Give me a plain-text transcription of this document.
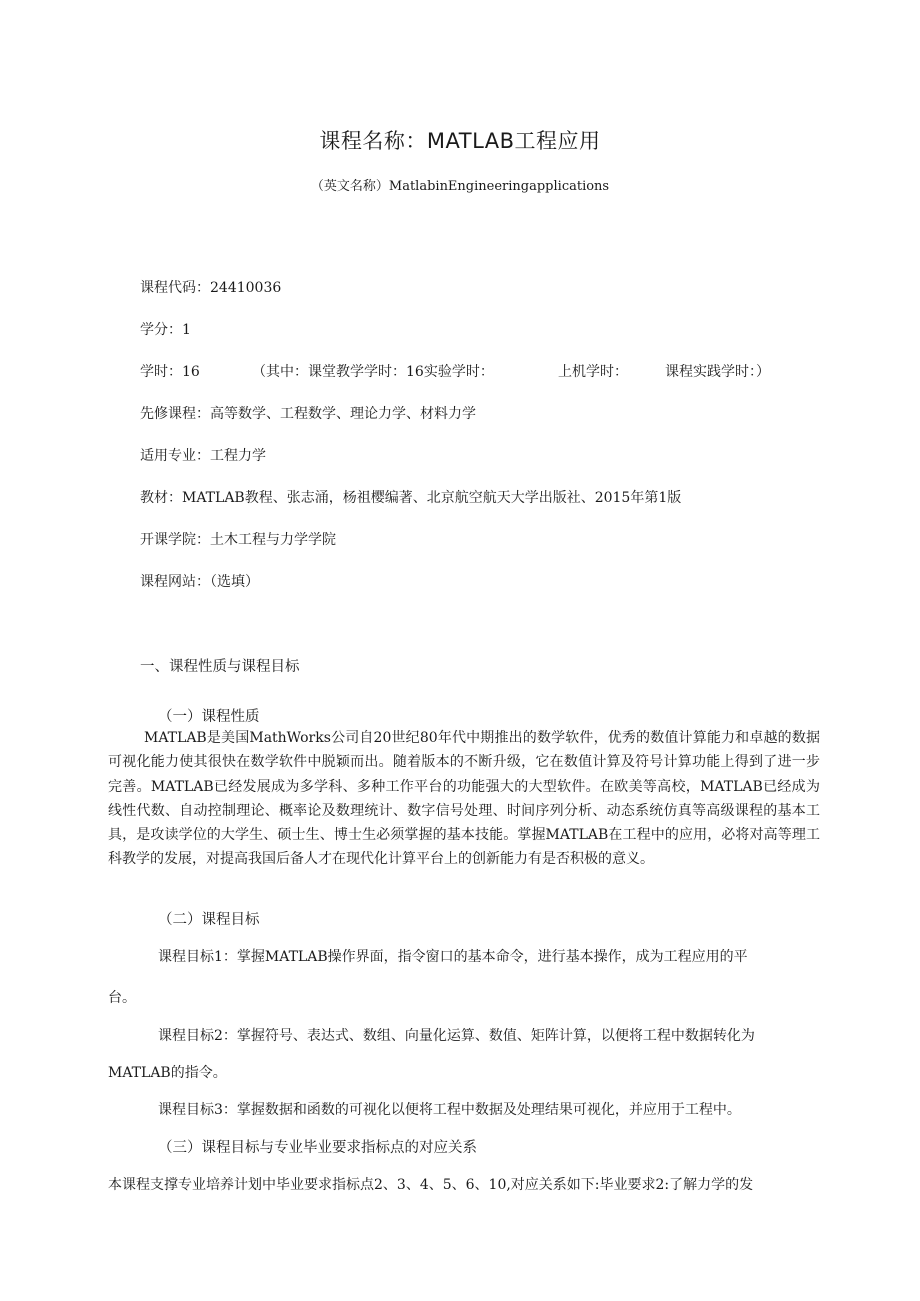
课程名称：MATLAB工程应用
（英文名称）MatlabinEngineeringapplications
课程代码：24410036
学分：1
学时：16	（其中：课堂教学学时：16实验学时：	上机学时：	课程实践学时：）
先修课程：高等数学、工程数学、理论力学、材料力学
适用专业：工程力学
教材：MATLAB教程、张志涌，杨祖樱编著、北京航空航天大学出版社、2015年第1版
开课学院：土木工程与力学学院
课程网站：（选填）
一、课程性质与课程目标
（一）课程性质
MATLAB是美国MathWorks公司自20世纪80年代中期推出的数学软件，优秀的数值计算能力和卓越的数据可视化能力使其很快在数学软件中脱颖而出。随着版本的不断升级，它在数值计算及符号计算功能上得到了进一步完善。MATLAB已经发展成为多学科、多种工作平台的功能强大的大型软件。在欧美等高校，MATLAB已经成为线性代数、自动控制理论、概率论及数理统计、数字信号处理、时间序列分析、动态系统仿真等高级课程的基本工具，是攻读学位的大学生、硕士生、博士生必须掌握的基本技能。掌握MATLAB在工程中的应用，必将对高等理工科教学的发展，对提高我国后备人才在现代化计算平台上的创新能力有是否积极的意义。
（二）课程目标
课程目标1：掌握MATLAB操作界面，指令窗口的基本命令，进行基本操作，成为工程应用的平
台。
课程目标2：掌握符号、表达式、数组、向量化运算、数值、矩阵计算，以便将工程中数据转化为
MATLAB的指令。
课程目标3：掌握数据和函数的可视化以便将工程中数据及处理结果可视化，并应用于工程中。
（三）课程目标与专业毕业要求指标点的对应关系
本课程支撑专业培养计划中毕业要求指标点2、3、4、5、6、10,对应关系如下:毕业要求2:了解力学的发
